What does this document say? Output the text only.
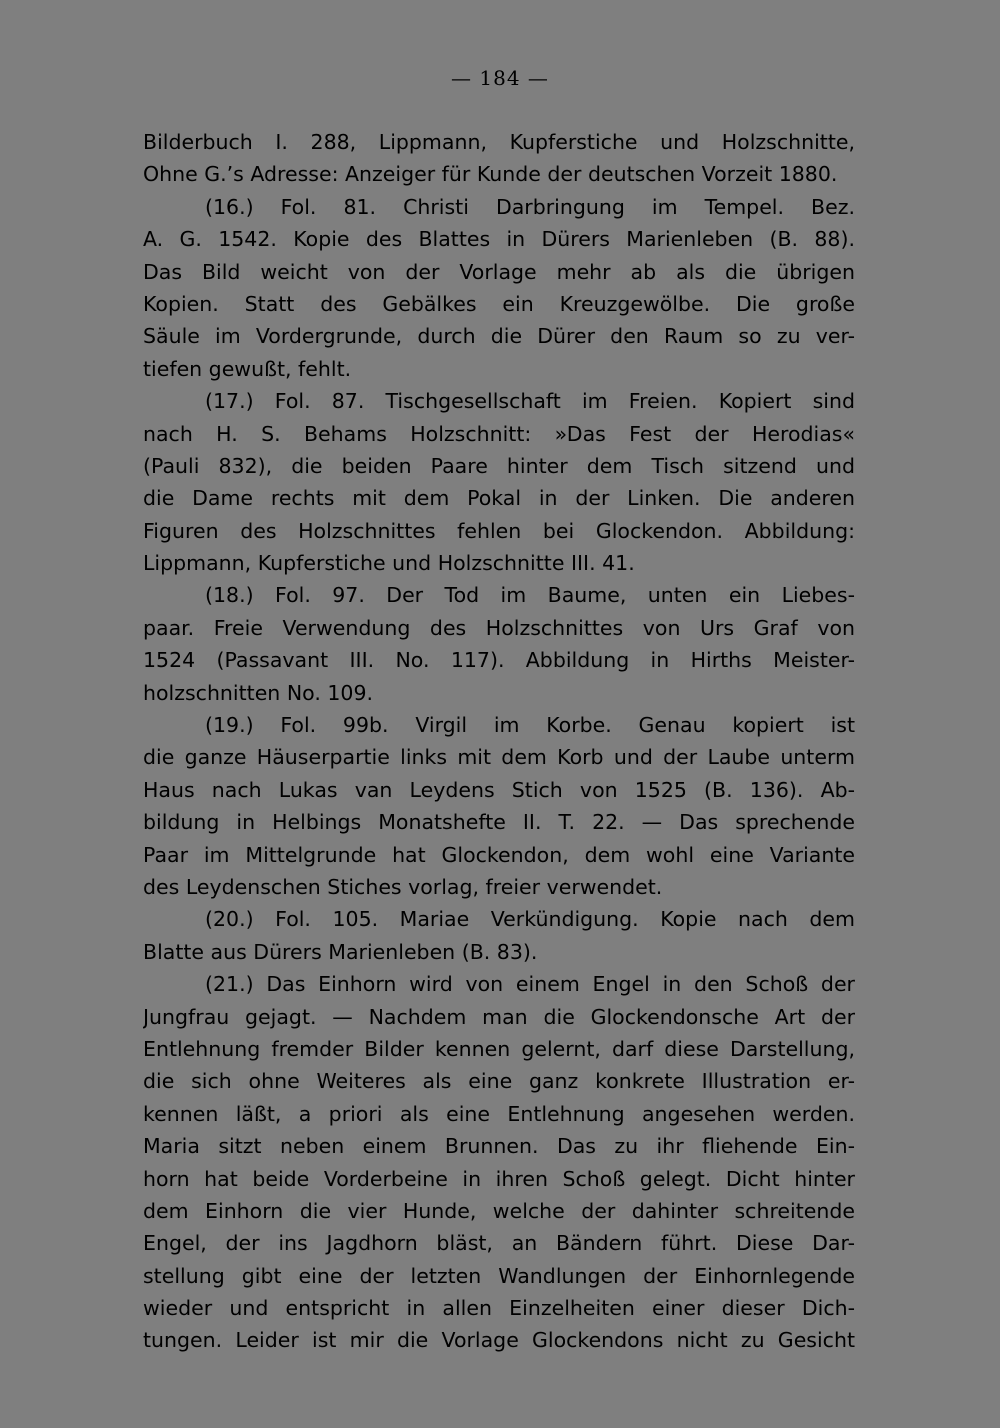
— 184 —
Bilderbuch I. 288, Lippmann, Kupferstiche und Holzschnitte,
Ohne G.’s Adresse: Anzeiger für Kunde der deutschen Vorzeit 1880.
(16.) Fol. 81. Christi Darbringung im Tempel. Bez.
A. G. 1542. Kopie des Blattes in Dürers Marienleben (B. 88).
Das Bild weicht von der Vorlage mehr ab als die übrigen
Kopien. Statt des Gebälkes ein Kreuzgewölbe. Die große
Säule im Vordergrunde, durch die Dürer den Raum so zu ver-
tiefen gewußt, fehlt.
(17.) Fol. 87. Tischgesellschaft im Freien. Kopiert sind
nach H. S. Behams Holzschnitt: »Das Fest der Herodias«
(Pauli 832), die beiden Paare hinter dem Tisch sitzend und
die Dame rechts mit dem Pokal in der Linken. Die anderen
Figuren des Holzschnittes fehlen bei Glockendon. Abbildung:
Lippmann, Kupferstiche und Holzschnitte III. 41.
(18.) Fol. 97. Der Tod im Baume, unten ein Liebes-
paar. Freie Verwendung des Holzschnittes von Urs Graf von
1524 (Passavant III. No. 117). Abbildung in Hirths Meister-
holzschnitten No. 109.
(19.) Fol. 99b. Virgil im Korbe. Genau kopiert ist
die ganze Häuserpartie links mit dem Korb und der Laube unterm
Haus nach Lukas van Leydens Stich von 1525 (B. 136). Ab-
bildung in Helbings Monatshefte II. T. 22. — Das sprechende
Paar im Mittelgrunde hat Glockendon, dem wohl eine Variante
des Leydenschen Stiches vorlag, freier verwendet.
(20.) Fol. 105. Mariae Verkündigung. Kopie nach dem
Blatte aus Dürers Marienleben (B. 83).
(21.) Das Einhorn wird von einem Engel in den Schoß der
Jungfrau gejagt. — Nachdem man die Glockendonsche Art der
Entlehnung fremder Bilder kennen gelernt, darf diese Darstellung,
die sich ohne Weiteres als eine ganz konkrete Illustration er-
kennen läßt, a priori als eine Entlehnung angesehen werden.
Maria sitzt neben einem Brunnen. Das zu ihr fliehende Ein-
horn hat beide Vorderbeine in ihren Schoß gelegt. Dicht hinter
dem Einhorn die vier Hunde, welche der dahinter schreitende
Engel, der ins Jagdhorn bläst, an Bändern führt. Diese Dar-
stellung gibt eine der letzten Wandlungen der Einhornlegende
wieder und entspricht in allen Einzelheiten einer dieser Dich-
tungen. Leider ist mir die Vorlage Glockendons nicht zu Gesicht
